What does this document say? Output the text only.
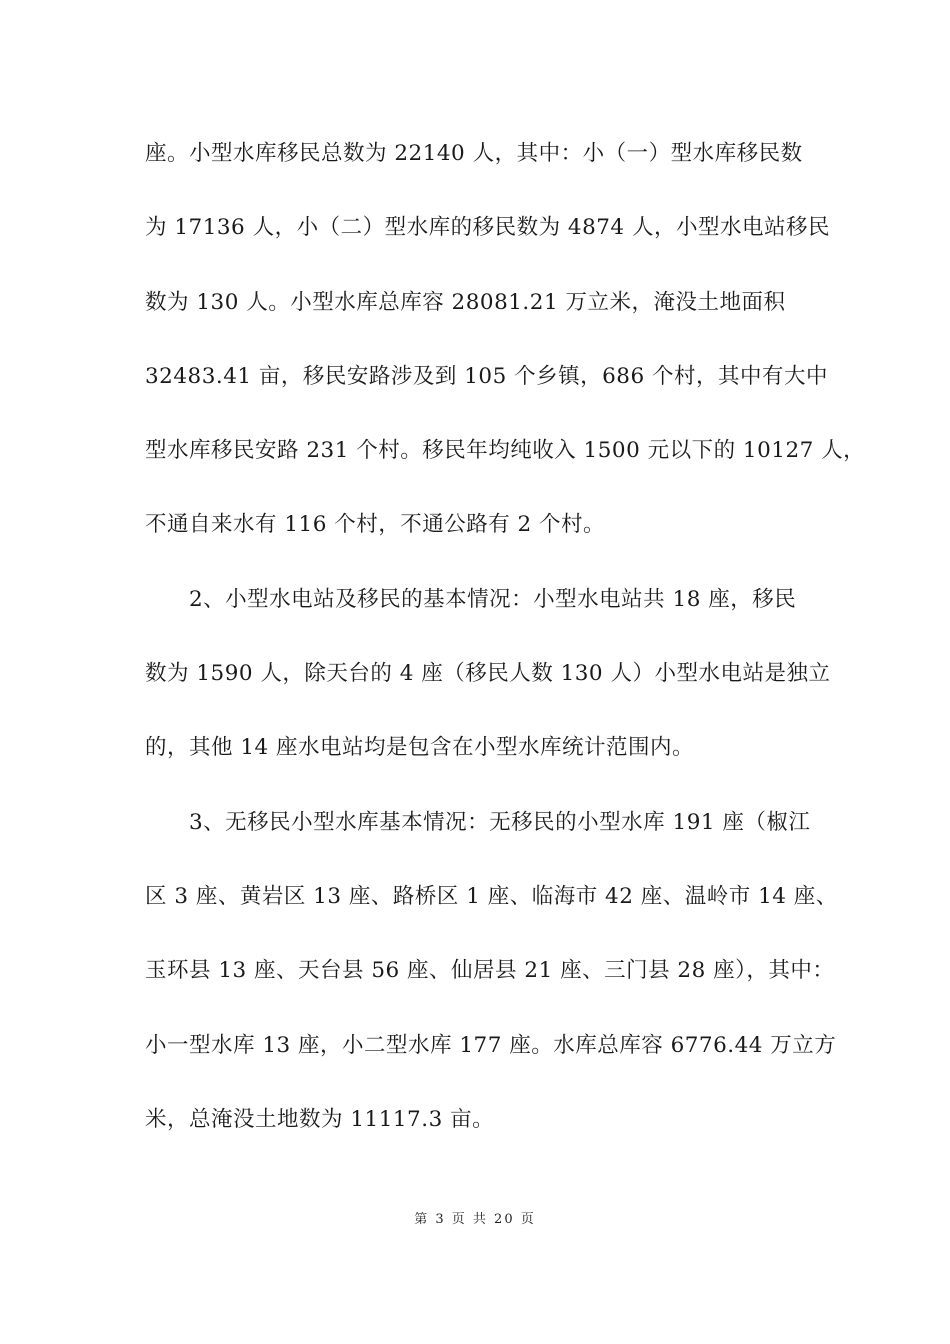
座。小型水库移民总数为 22140 人，其中：小（一）型水库移民数
为 17136 人，小（二）型水库的移民数为 4874 人，小型水电站移民
数为 130 人。小型水库总库容 28081.21 万立米，淹没土地面积
32483.41 亩，移民安路涉及到 105 个乡镇，686 个村，其中有大中
型水库移民安路 231 个村。移民年均纯收入 1500 元以下的 10127 人，
不通自来水有 116 个村，不通公路有 2 个村。
2、小型水电站及移民的基本情况：小型水电站共 18 座，移民
数为 1590 人，除天台的 4 座（移民人数 130 人）小型水电站是独立
的，其他 14 座水电站均是包含在小型水库统计范围内。
3、无移民小型水库基本情况：无移民的小型水库 191 座（椒江
区 3 座、黄岩区 13 座、路桥区 1 座、临海市 42 座、温岭市 14 座、
玉环县 13 座、天台县 56 座、仙居县 21 座、三门县 28 座），其中：
小一型水库 13 座，小二型水库 177 座。水库总库容 6776.44 万立方
米，总淹没土地数为 11117.3 亩。
第 3 页 共 20 页
